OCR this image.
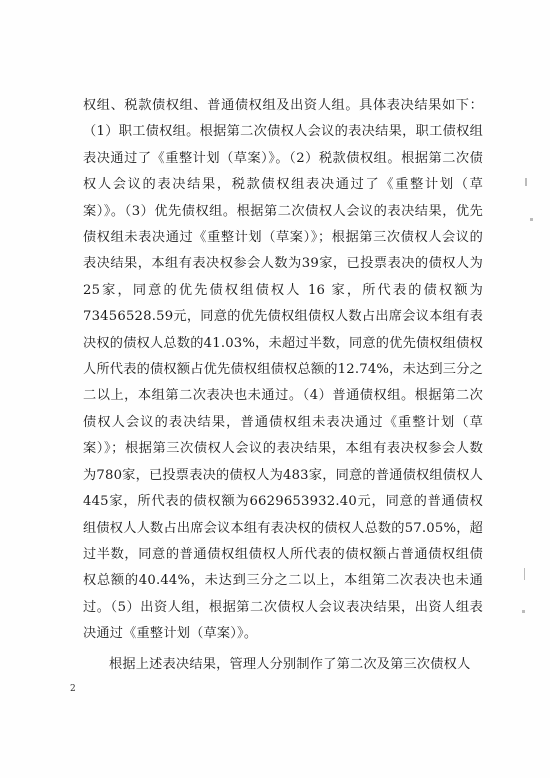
权组、税款债权组、普通债权组及出资人组。具体表决结果如下：（1）职工债权组。根据第二次债权人会议的表决结果，职工债权组表决通过了《重整计划（草案）》。（2）税款债权组。根据第二次债权人会议的表决结果，税款债权组表决通过了《重整计划（草案）》。（3）优先债权组。根据第二次债权人会议的表决结果，优先债权组未表决通过《重整计划（草案）》；根据第三次债权人会议的表决结果，本组有表决权参会人数为39家，已投票表决的债权人为25家，同意的优先债权组债权人 16 家，所代表的债权额为 73456528.59元，同意的优先债权组债权人数占出席会议本组有表决权的债权人总数的41.03%，未超过半数，同意的优先债权组债权人所代表的债权额占优先债权组债权总额的12.74%，未达到三分之二以上，本组第二次表决也未通过。（4）普通债权组。根据第二次债权人会议的表决结果，普通债权组未表决通过《重整计划（草案）》；根据第三次债权人会议的表决结果，本组有表决权参会人数为780家，已投票表决的债权人为483家，同意的普通债权组债权人445家，所代表的债权额为6629653932.40元，同意的普通债权组债权人人数占出席会议本组有表决权的债权人总数的57.05%，超过半数，同意的普通债权组债权人所代表的债权额占普通债权组债权总额的40.44%，未达到三分之二以上，本组第二次表决也未通过。（5）出资人组，根据第二次债权人会议表决结果，出资人组表决通过《重整计划（草案）》。

根据上述表决结果，管理人分别制作了第二次及第三次债权人

2
